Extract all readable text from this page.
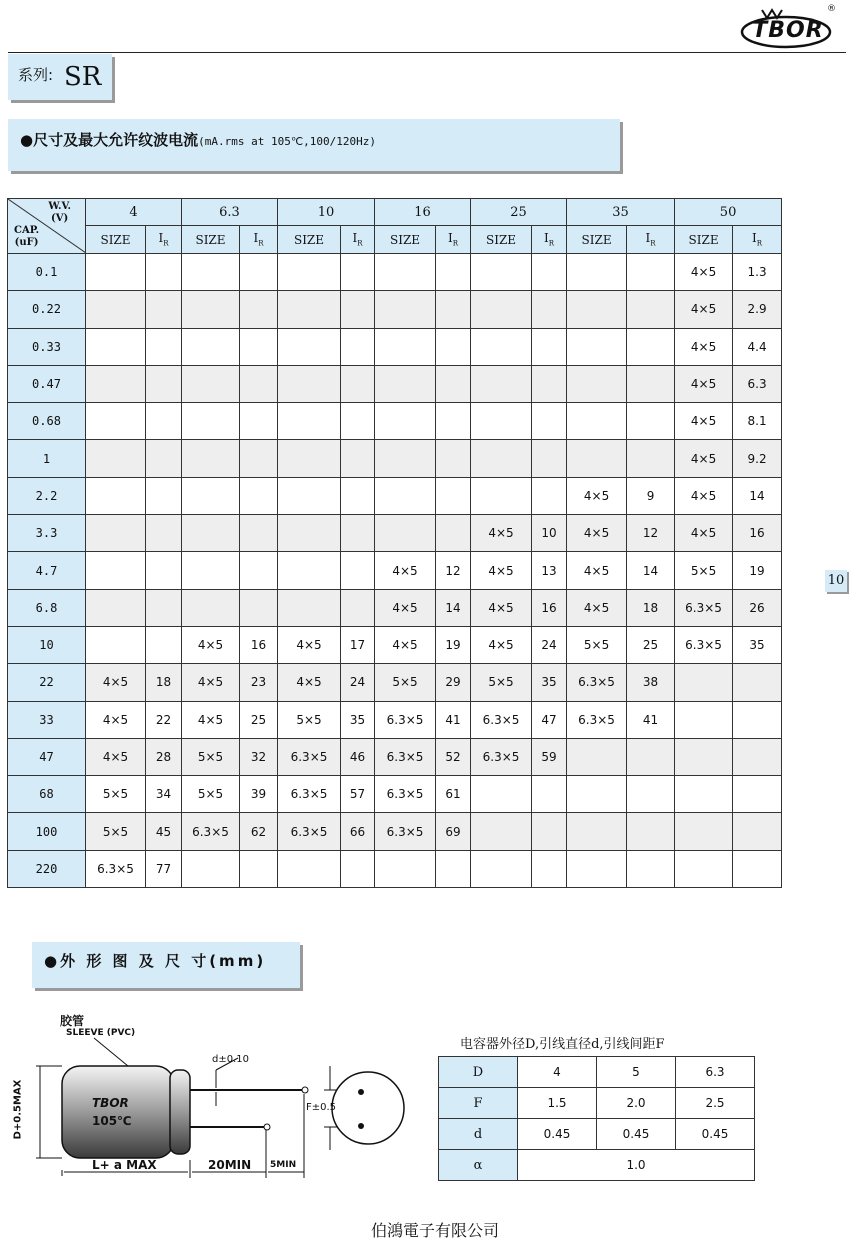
TBOR
®
系列: SR
●尺寸及最大允许纹波电流(mA.rms at 105℃,100/120Hz)
W.V.
(V)
CAP.
(uF)	4		6.3		10		16		25		35		50	
	SIZE	$I_R$	SIZE	$I_R$	SIZE	$I_R$	SIZE	$I_R$	SIZE	$I_R$	SIZE	$I_R$	SIZE	$I_R$
0.1													4×5	1.3
0.22													4×5	2.9
0.33													4×5	4.4
0.47													4×5	6.3
0.68													4×5	8.1
1													4×5	9.2
2.2											4×5	9	4×5	14
3.3									4×5	10	4×5	12	4×5	16
4.7							4×5	12	4×5	13	4×5	14	5×5	19
6.8							4×5	14	4×5	16	4×5	18	6.3×5	26
10			4×5	16	4×5	17	4×5	19	4×5	24	5×5	25	6.3×5	35
22	4×5	18	4×5	23	4×5	24	5×5	29	5×5	35	6.3×5	38		
33	4×5	22	4×5	25	5×5	35	6.3×5	41	6.3×5	47	6.3×5	41		
47	4×5	28	5×5	32	6.3×5	46	6.3×5	52	6.3×5	59				
68	5×5	34	5×5	39	6.3×5	57	6.3×5	61						
100	5×5	45	6.3×5	62	6.3×5	66	6.3×5	69						
220	6.3×5	77												
10
●外 形 图 及 尺 寸(mm)
胶管
SLEEVE (PVC)
d±0.10
D+0.5MAX
L+ a MAX	20MIN 5MIN
F±0.5
TBOR
105℃
电容器外径D,引线直径d,引线间距F
D	4	5	6.3
F	1.5	2.0	2.5
d	0.45	0.45	0.45
α	1.0		
伯鴻電子有限公司
